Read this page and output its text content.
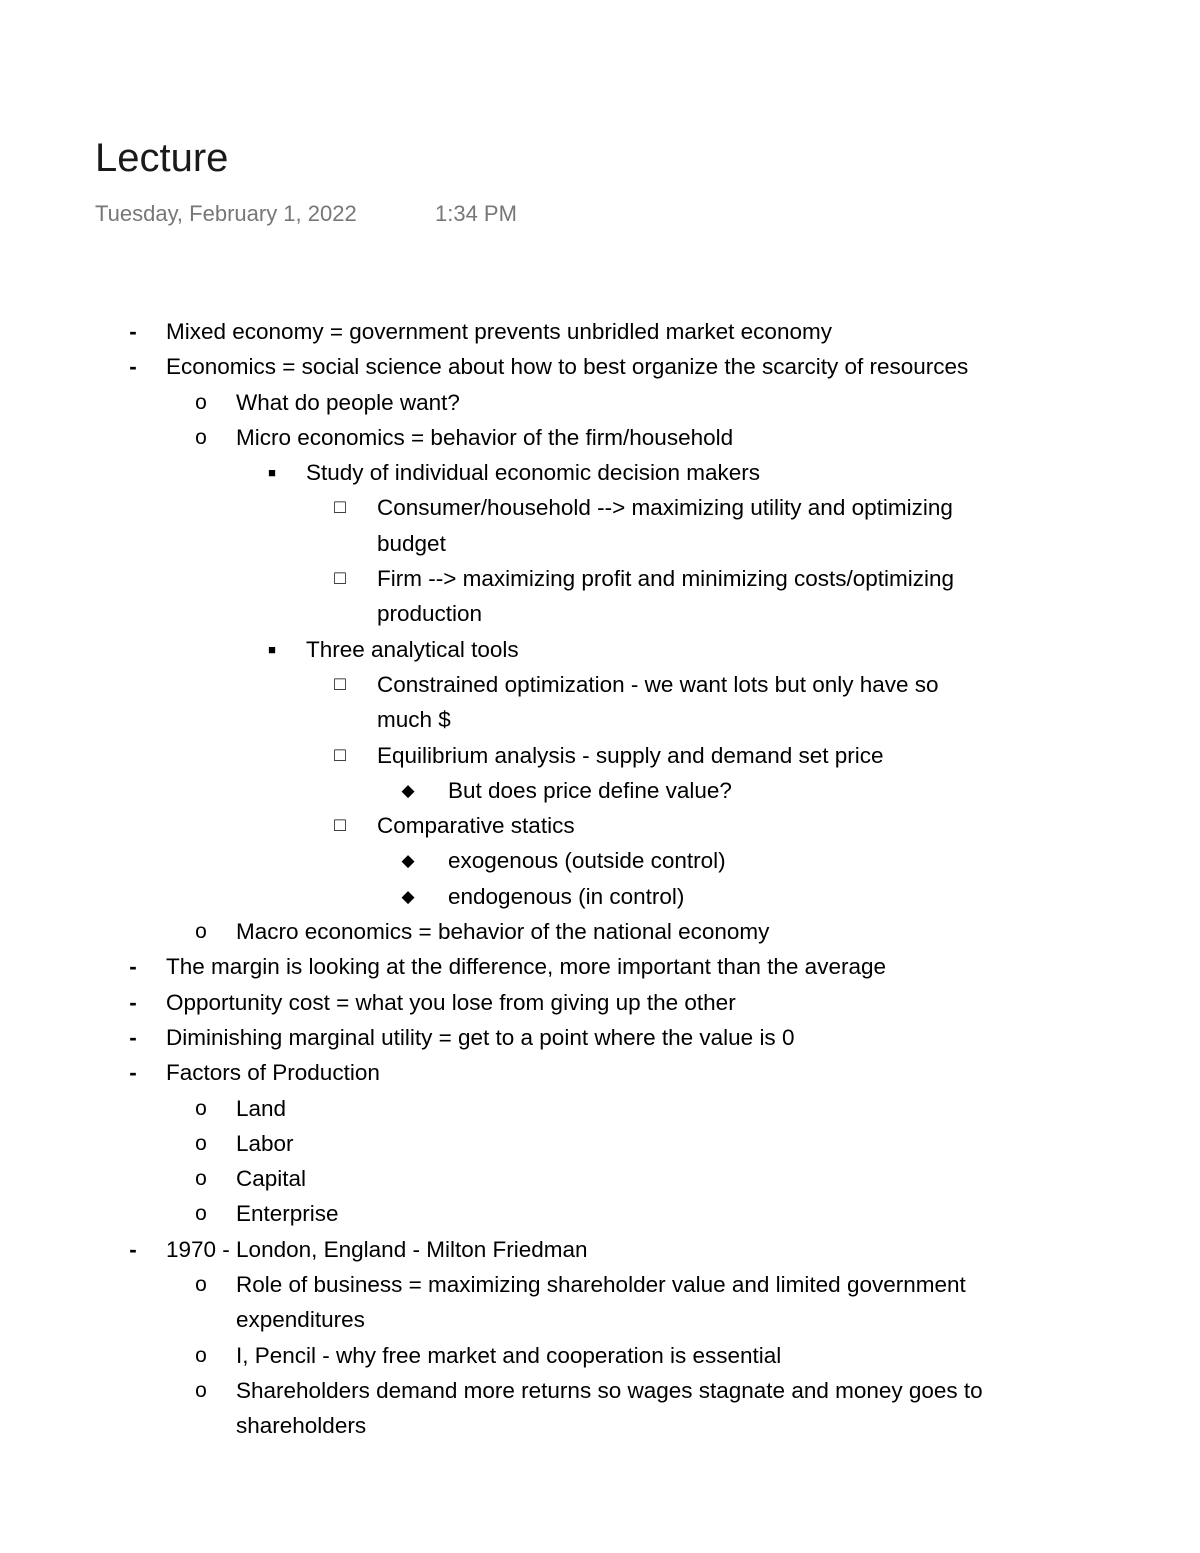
Lecture
Tuesday, February 1, 2022	1:34 PM
-	Mixed economy = government prevents unbridled market economy
-	Economics = social science about how to best organize the scarcity of resources
o	What do people want?
o	Micro economics = behavior of the firm/household
■	Study of individual economic decision makers
□	Consumer/household --> maximizing utility and optimizing
budget
□	Firm --> maximizing profit and minimizing costs/optimizing
production
■	Three analytical tools
□	Constrained optimization - we want lots but only have so
much $
□	Equilibrium analysis - supply and demand set price
◆	But does price define value?
□	Comparative statics
◆	exogenous (outside control)
◆	endogenous (in control)
o	Macro economics = behavior of the national economy
-	The margin is looking at the difference, more important than the average
-	Opportunity cost = what you lose from giving up the other
-	Diminishing marginal utility = get to a point where the value is 0
-	Factors of Production
o	Land
o	Labor
o	Capital
o	Enterprise
-	1970 - London, England - Milton Friedman
o	Role of business = maximizing shareholder value and limited government
expenditures
o	I, Pencil - why free market and cooperation is essential
o	Shareholders demand more returns so wages stagnate and money goes to
shareholders
